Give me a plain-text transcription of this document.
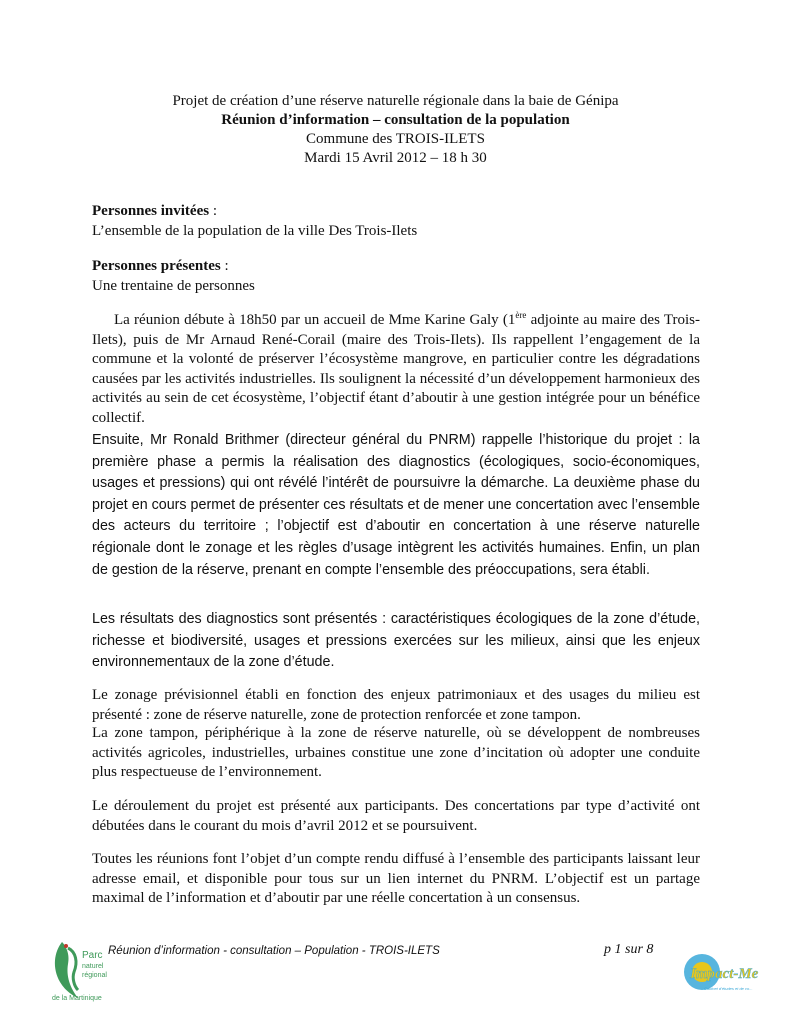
Projet de création d’une réserve naturelle régionale dans la baie de Génipa
Réunion d’information – consultation de la population
Commune des TROIS-ILETS
Mardi 15 Avril 2012 – 18 h 30
Personnes invitées :
L’ensemble de la population de la ville Des Trois-Ilets
Personnes présentes :
Une trentaine de personnes

La réunion débute à 18h50 par un accueil de Mme Karine Galy (1ère adjointe au maire des Trois-Ilets), puis de Mr Arnaud René-Corail (maire des Trois-Ilets). Ils rappellent l’engagement de la commune et la volonté de préserver l’écosystème mangrove, en particulier contre les dégradations causées par les activités industrielles. Ils soulignent la nécessité d’un développement harmonieux des activités au sein de cet écosystème, l’objectif étant d’aboutir à une gestion intégrée pour un bénéfice collectif.

Ensuite, Mr Ronald Brithmer (directeur général du PNRM) rappelle l’historique du projet : la première phase a permis la réalisation des diagnostics (écologiques, socio-économiques, usages et pressions) qui ont révélé l’intérêt de poursuivre la démarche. La deuxième phase du projet en cours permet de présenter ces résultats et de mener une concertation avec l’ensemble des acteurs du territoire ; l’objectif est d’aboutir en concertation à une réserve naturelle régionale dont le zonage et les règles d’usage intègrent les activités humaines. Enfin, un plan de gestion de la réserve, prenant en compte l’ensemble des préoccupations, sera établi.

Les résultats des diagnostics sont présentés : caractéristiques écologiques de la zone d’étude, richesse et biodiversité, usages et pressions exercées sur les milieux, ainsi que les enjeux environnementaux de la zone d’étude.

Le zonage prévisionnel établi en fonction des enjeux patrimoniaux et des usages du milieu est présenté : zone de réserve naturelle, zone de protection renforcée et zone tampon.

La zone tampon, périphérique à la zone de réserve naturelle, où se développent de nombreuses activités agricoles, industrielles, urbaines constitue une zone d’incitation où adopter une conduite plus respectueuse de l’environnement.

Le déroulement du projet est présenté aux participants. Des concertations par type d’activité ont débutées dans le courant du mois d’avril 2012 et se poursuivent.

Toutes les réunions font l’objet d’un compte rendu diffusé à l’ensemble des participants laissant leur adresse email, et disponible pour tous sur un lien internet du PNRM. L’objectif est un partage maximal de l’information et d’aboutir par une réelle concertation à un consensus.

Parc
naturel
régional
de la Martinique
Réunion d’information - consultation – Population - TROIS-ILETS	p 1 sur 8
Impact-Me
Cabinet d'études et de co...
